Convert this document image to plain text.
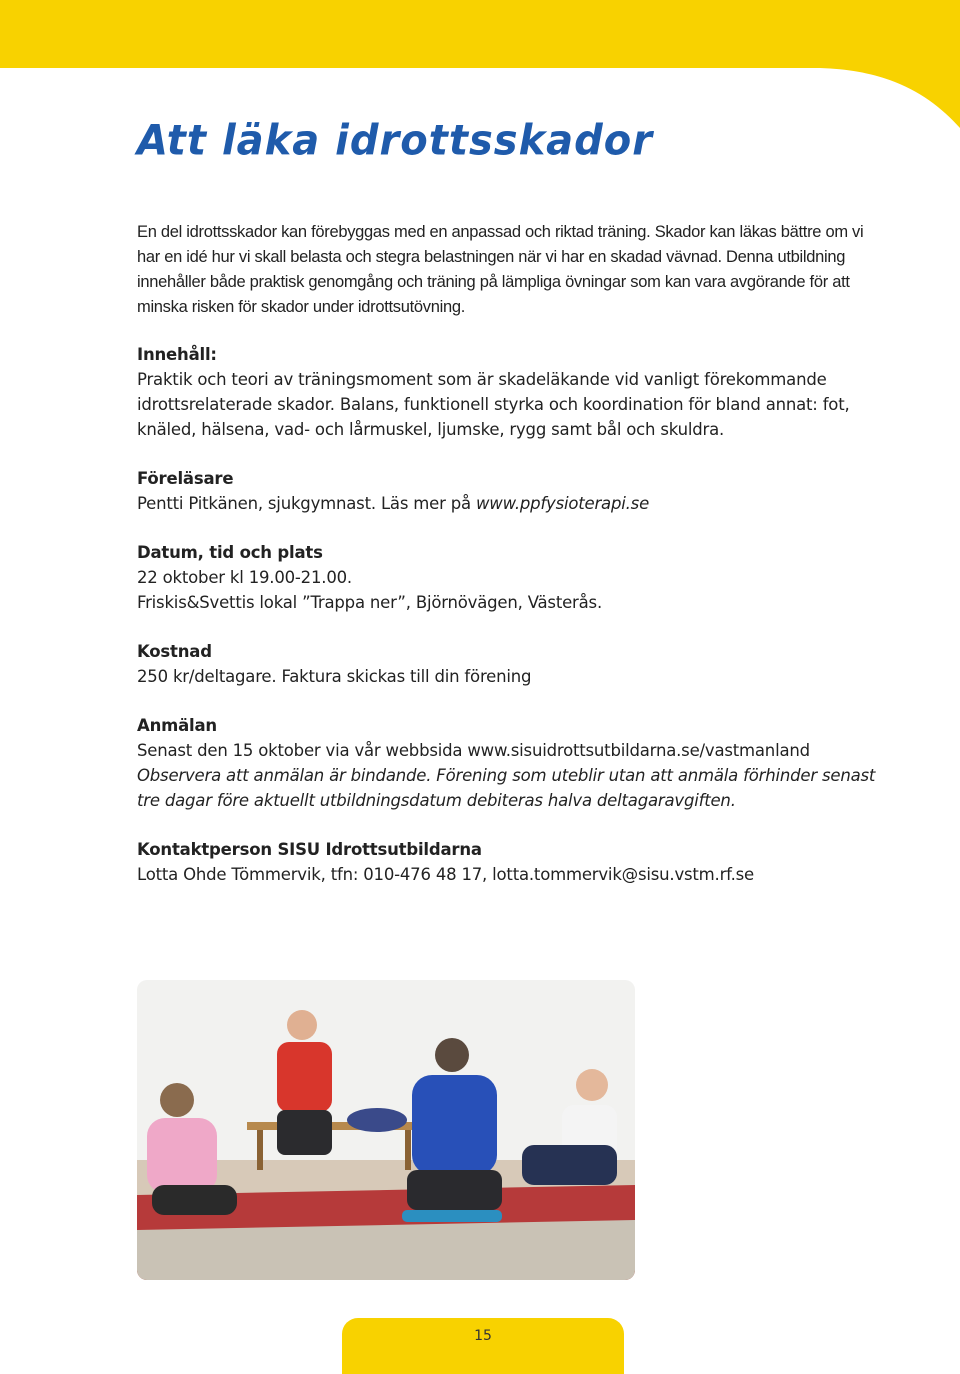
Att läka idrottsskador

En del idrottsskador kan förebyggas med en anpassad och riktad träning. Skador kan läkas bättre om vi har en idé hur vi skall belasta och stegra belastningen när vi har en skadad vävnad. Denna utbildning innehåller både praktisk genomgång och träning på lämpliga övningar som kan vara avgörande för att minska risken för skador under idrottsutövning.

Innehåll:
Praktik och teori av träningsmoment som är skadeläkande vid vanligt förekommande idrottsrelaterade skador. Balans, funktionell styrka och koordination för bland annat: fot, knäled, hälsena, vad- och lårmuskel, ljumske, rygg samt bål och skuldra.

Föreläsare
Pentti Pitkänen, sjukgymnast. Läs mer på www.ppfysioterapi.se

Datum, tid och plats
22 oktober kl 19.00-21.00.
Friskis&Svettis lokal ”Trappa ner”, Björnövägen, Västerås.

Kostnad
250 kr/deltagare. Faktura skickas till din förening

Anmälan
Senast den 15 oktober via vår webbsida www.sisuidrottsutbildarna.se/vastmanland
Observera att anmälan är bindande. Förening som uteblir utan att anmäla förhinder senast tre dagar före aktuellt utbildningsdatum debiteras halva deltagaravgiften.

Kontaktperson SISU Idrottsutbildarna
Lotta Ohde Tömmervik, tfn: 010-476 48 17, lotta.tommervik@sisu.vstm.rf.se

15
